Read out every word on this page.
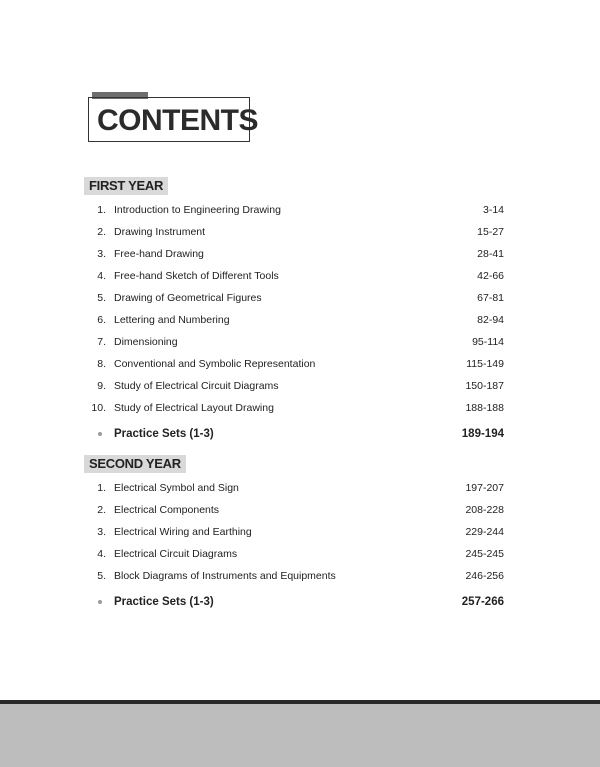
CONTENTS
FIRST YEAR
1. Introduction to Engineering Drawing	3-14
2. Drawing Instrument	15-27
3. Free-hand Drawing	28-41
4. Free-hand Sketch of Different Tools	42-66
5. Drawing of Geometrical Figures	67-81
6. Lettering and Numbering	82-94
7. Dimensioning	95-114
8. Conventional and Symbolic Representation	115-149
9. Study of Electrical Circuit Diagrams	150-187
10. Study of Electrical Layout Drawing	188-188
Practice Sets (1-3)	189-194
SECOND YEAR
1. Electrical Symbol and Sign	197-207
2. Electrical Components	208-228
3. Electrical Wiring and Earthing	229-244
4. Electrical Circuit Diagrams	245-245
5. Block Diagrams of Instruments and Equipments	246-256
Practice Sets (1-3)	257-266
